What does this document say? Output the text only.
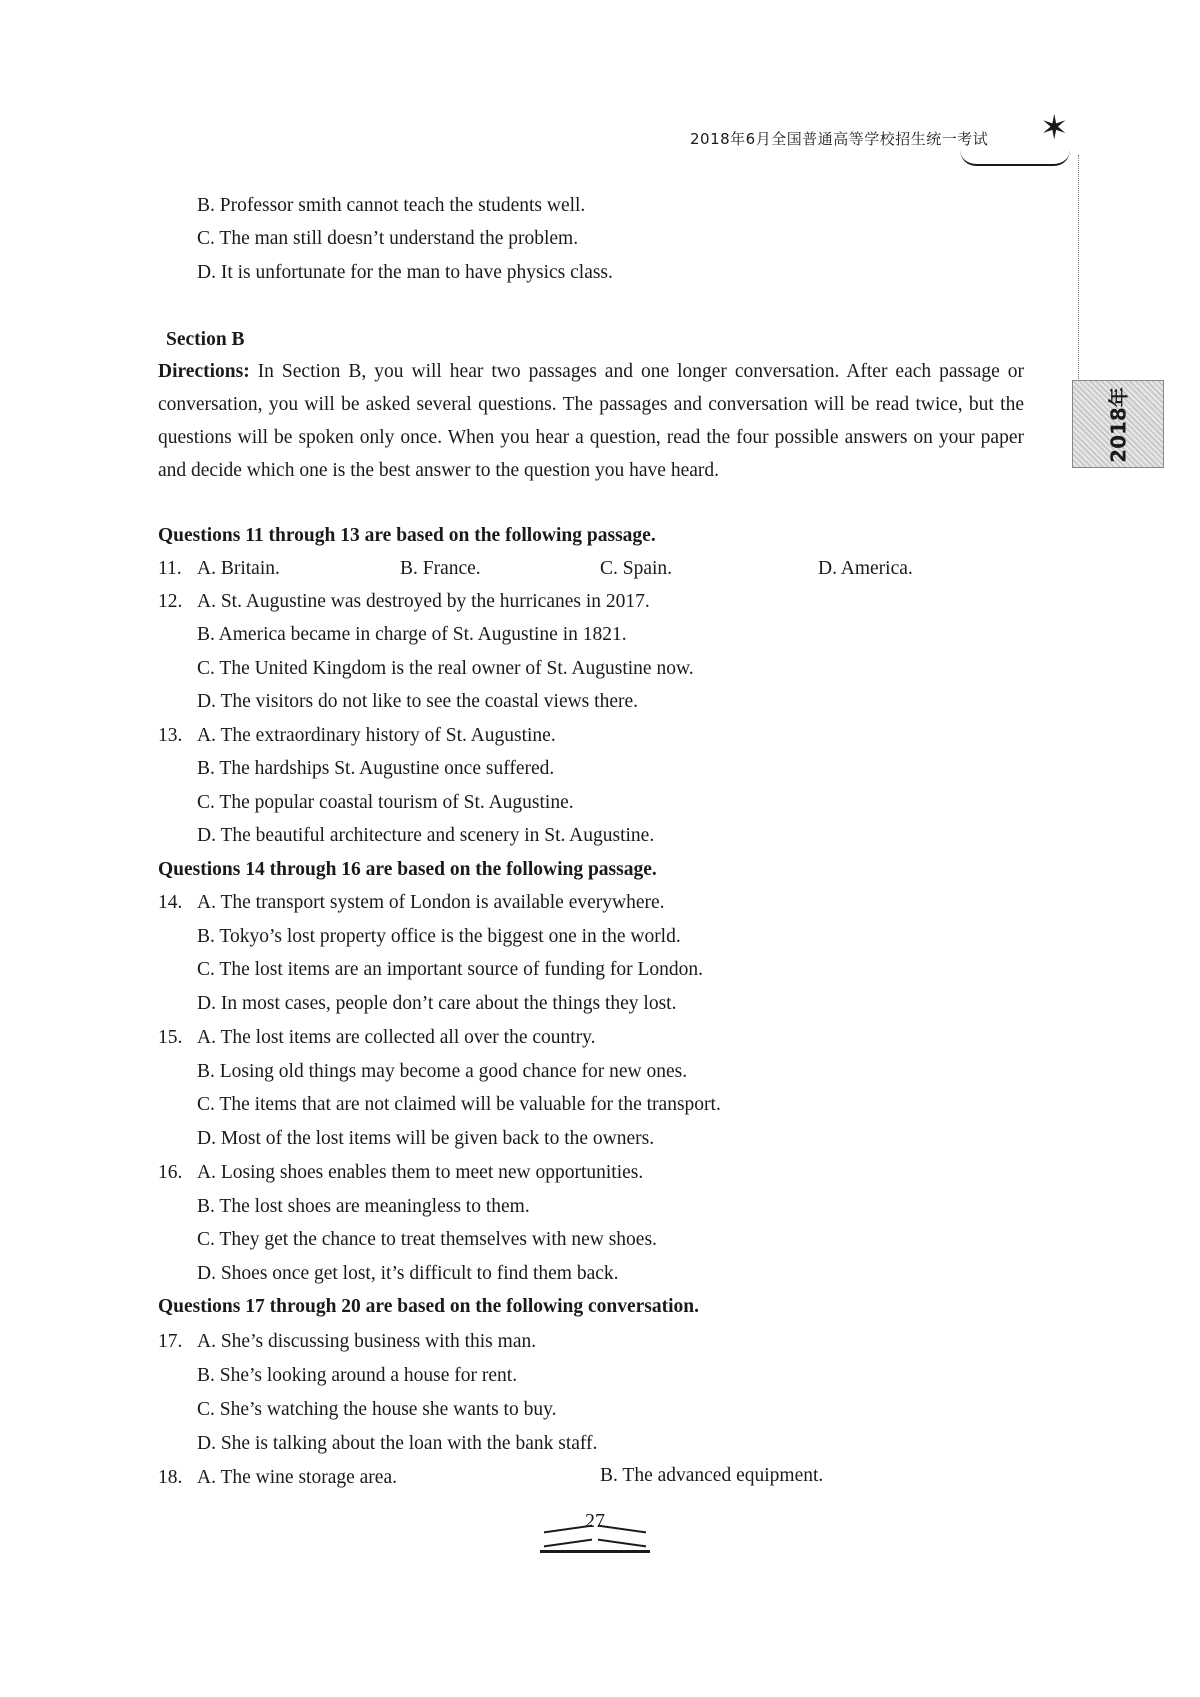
2018年6月全国普通高等学校招生统一考试 ✶
2018年
B. Professor smith cannot teach the students well.
C. The man still doesn’t understand the problem.
D. It is unfortunate for the man to have physics class.
Section B
Directions: In Section B, you will hear two passages and one longer conversation. After each passage or conversation, you will be asked several questions. The passages and conversation will be read twice, but the questions will be spoken only once. When you hear a question, read the four possible answers on your paper and decide which one is the best answer to the question you have heard.
Questions 11 through 13 are based on the following passage.
11. A. Britain.	B. France.	C. Spain.	D. America.
12. A. St. Augustine was destroyed by the hurricanes in 2017.
B. America became in charge of St. Augustine in 1821.
C. The United Kingdom is the real owner of St. Augustine now.
D. The visitors do not like to see the coastal views there.
13. A. The extraordinary history of St. Augustine.
B. The hardships St. Augustine once suffered.
C. The popular coastal tourism of St. Augustine.
D. The beautiful architecture and scenery in St. Augustine.
Questions 14 through 16 are based on the following passage.
14. A. The transport system of London is available everywhere.
B. Tokyo’s lost property office is the biggest one in the world.
C. The lost items are an important source of funding for London.
D. In most cases, people don’t care about the things they lost.
15. A. The lost items are collected all over the country.
B. Losing old things may become a good chance for new ones.
C. The items that are not claimed will be valuable for the transport.
D. Most of the lost items will be given back to the owners.
16. A. Losing shoes enables them to meet new opportunities.
B. The lost shoes are meaningless to them.
C. They get the chance to treat themselves with new shoes.
D. Shoes once get lost, it’s difficult to find them back.
Questions 17 through 20 are based on the following conversation.
17. A. She’s discussing business with this man.
B. She’s looking around a house for rent.
C. She’s watching the house she wants to buy.
D. She is talking about the loan with the bank staff.
18. A. The wine storage area.	B. The advanced equipment.
27
